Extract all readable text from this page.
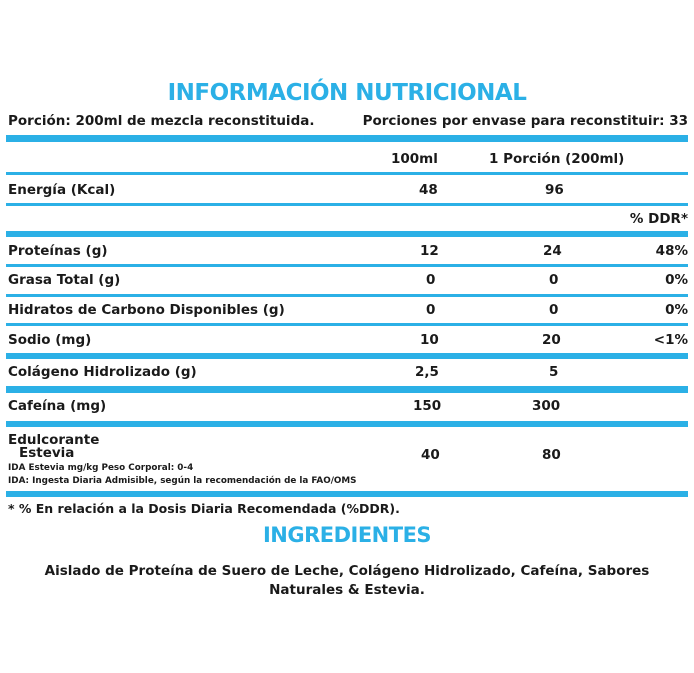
INFORMACIÓN NUTRICIONAL
Porción: 200ml de mezcla reconstituida.	Porciones por envase para reconstituir: 33
100ml	1 Porción (200ml)
Energía (Kcal)	48	96
% DDR*
Proteínas (g)	12	24	48%
Grasa Total (g)	0	0	0%
Hidratos de Carbono Disponibles (g)	0	0	0%
Sodio (mg)	10	20	<1%
Colágeno Hidrolizado (g)	2,5	5
Cafeína (mg)	150	300
Edulcorante
Estevia	40	80
IDA Estevia mg/kg Peso Corporal: 0-4
IDA: Ingesta Diaria Admisible, según la recomendación de la FAO/OMS
* % En relación a la Dosis Diaria Recomendada (%DDR).
INGREDIENTES
Aislado de Proteína de Suero de Leche, Colágeno Hidrolizado, Cafeína, Sabores
Naturales & Estevia.
